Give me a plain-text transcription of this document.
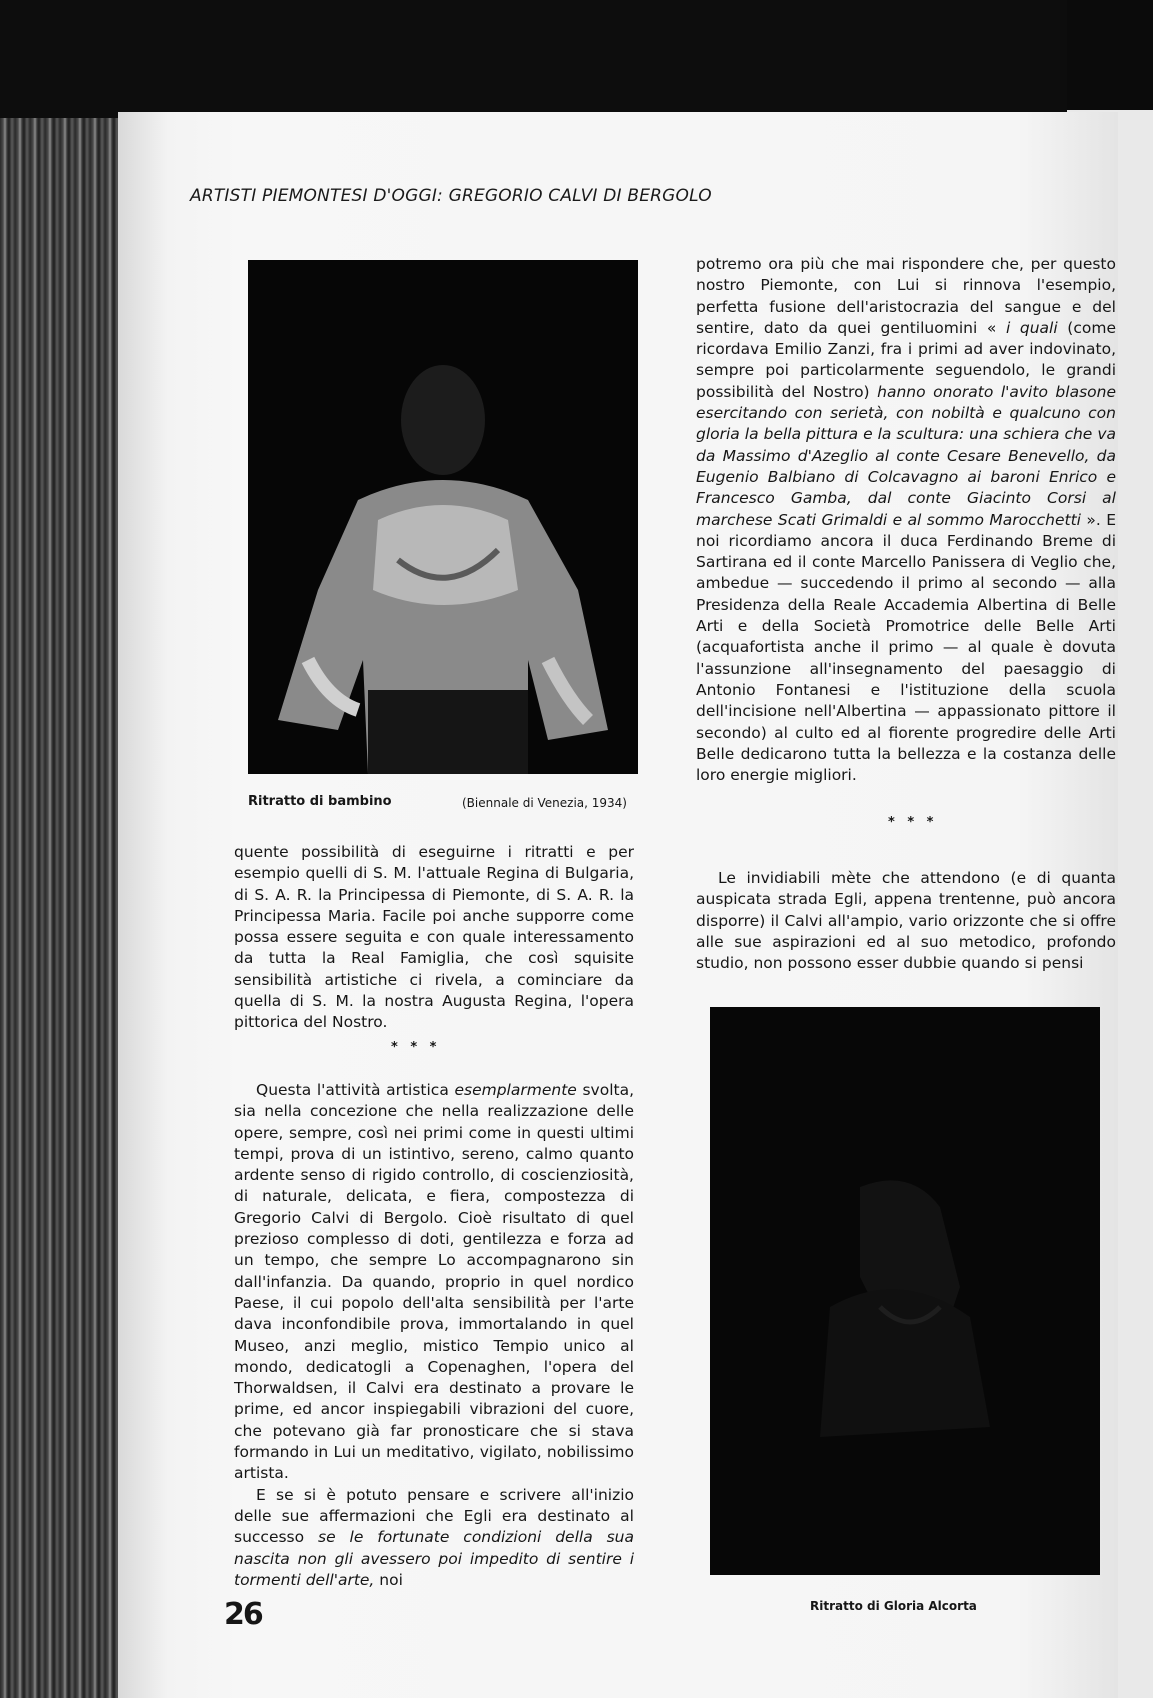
ARTISTI PIEMONTESI D'OGGI: GREGORIO CALVI DI BERGOLO
Ritratto di bambino	(Biennale di Venezia, 1934)

quente possibilità di eseguirne i ritratti e per esempio quelli di S. M. l'attuale Regina di Bulgaria, di S. A. R. la Principessa di Piemonte, di S. A. R. la Principessa Maria. Facile poi anche supporre come possa essere seguita e con quale interessamento da tutta la Real Famiglia, che così squisite sensibilità artistiche ci rivela, a cominciare da quella di S. M. la nostra Augusta Regina, l'opera pittorica del Nostro.

* * *

Questa l'attività artistica esemplarmente svolta, sia nella concezione che nella realizzazione delle opere, sempre, così nei primi come in questi ultimi tempi, prova di un istintivo, sereno, calmo quanto ardente senso di rigido controllo, di coscienziosità, di naturale, delicata, e fiera, compostezza di Gregorio Calvi di Bergolo. Cioè risultato di quel prezioso complesso di doti, gentilezza e forza ad un tempo, che sempre Lo accompagnarono sin dall'infanzia. Da quando, proprio in quel nordico Paese, il cui popolo dell'alta sensibilità per l'arte dava inconfondibile prova, immortalando in quel Museo, anzi meglio, mistico Tempio unico al mondo, dedicatogli a Copenaghen, l'opera del Thorwaldsen, il Calvi era destinato a provare le prime, ed ancor inspiegabili vibrazioni del cuore, che potevano già far pronosticare che si stava formando in Lui un meditativo, vigilato, nobilissimo artista.

E se si è potuto pensare e scrivere all'inizio delle sue affermazioni che Egli era destinato al successo se le fortunate condizioni della sua nascita non gli avessero poi impedito di sentire i tormenti dell'arte, noi

potremo ora più che mai rispondere che, per questo nostro Piemonte, con Lui si rinnova l'esempio, perfetta fusione dell'aristocrazia del sangue e del sentire, dato da quei gentiluomini « i quali (come ricordava Emilio Zanzi, fra i primi ad aver indovinato, sempre poi particolarmente seguendolo, le grandi possibilità del Nostro) hanno onorato l'avito blasone esercitando con serietà, con nobiltà e qualcuno con gloria la bella pittura e la scultura: una schiera che va da Massimo d'Azeglio al conte Cesare Benevello, da Eugenio Balbiano di Colcavagno ai baroni Enrico e Francesco Gamba, dal conte Giacinto Corsi al marchese Scati Grimaldi e al sommo Marocchetti ». E noi ricordiamo ancora il duca Ferdinando Breme di Sartirana ed il conte Marcello Panissera di Veglio che, ambedue — succedendo il primo al secondo — alla Presidenza della Reale Accademia Albertina di Belle Arti e della Società Promotrice delle Belle Arti (acquafortista anche il primo — al quale è dovuta l'assunzione all'insegnamento del paesaggio di Antonio Fontanesi e l'istituzione della scuola dell'incisione nell'Albertina — appassionato pittore il secondo) al culto ed al fiorente progredire delle Arti Belle dedicarono tutta la bellezza e la costanza delle loro energie migliori.

* * *

Le invidiabili mète che attendono (e di quanta auspicata strada Egli, appena trentenne, può ancora disporre) il Calvi all'ampio, vario orizzonte che si offre alle sue aspirazioni ed al suo metodico, profondo studio, non possono esser dubbie quando si pensi

Ritratto di Gloria Alcorta
26
